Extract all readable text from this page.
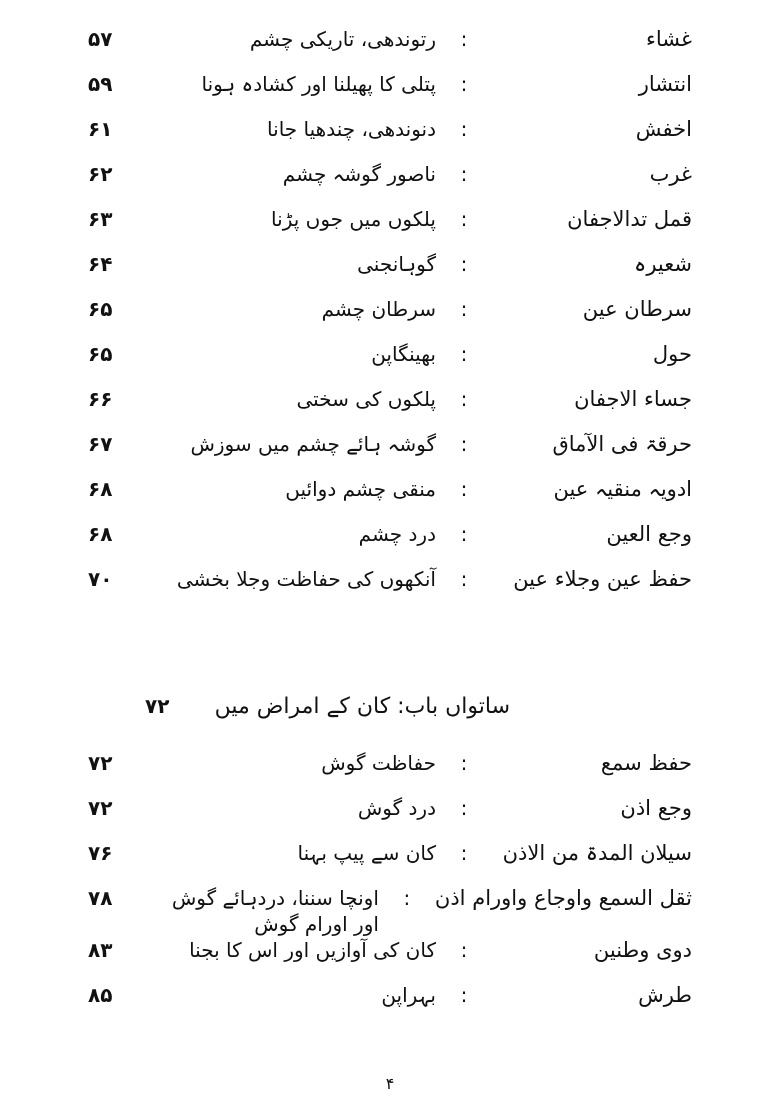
غشاء
:
رتوندھی، تاریکی چشم
۵۷
انتشار
:
پتلی کا پھیلنا اور کشادہ ہونا
۵۹
اخفش
:
دنوندھی، چندھیا جانا
۶۱
غرب
:
ناصور گوشہ چشم
۶۲
قمل تدالاجفان
:
پلکوں میں جوں پڑنا
۶۳
شعیرہ
:
گوہانجنی
۶۴
سرطان عین
:
سرطان چشم
۶۵
حول
:
بھینگاپن
۶۵
جساء الاجفان
:
پلکوں کی سختی
۶۶
حرقۃ فی الآماق
:
گوشہ ہائے چشم میں سوزش
۶۷
ادویہ منقیہ عین
:
منقی چشم دوائیں
۶۸
وجع العین
:
درد چشم
۶۸
حفظ عین وجلاء عین
:
آنکھوں کی حفاظت وجلا بخشی
۷۰
ساتواں باب: کان کے امراض میں
۷۲
حفظ سمع
:
حفاظت گوش
۷۲
وجع اذن
:
درد گوش
۷۲
سیلان المدۃ من الاذن
:
کان سے پیپ بہنا
۷۶
ثقل السمع واوجاع واورام اذن
:
اونچا سننا، دردہائے گوش اور اورام گوش
۷۸
دوی وطنین
:
کان کی آوازیں اور اس کا بجنا
۸۳
طرش
:
بہراپن
۸۵
۴
